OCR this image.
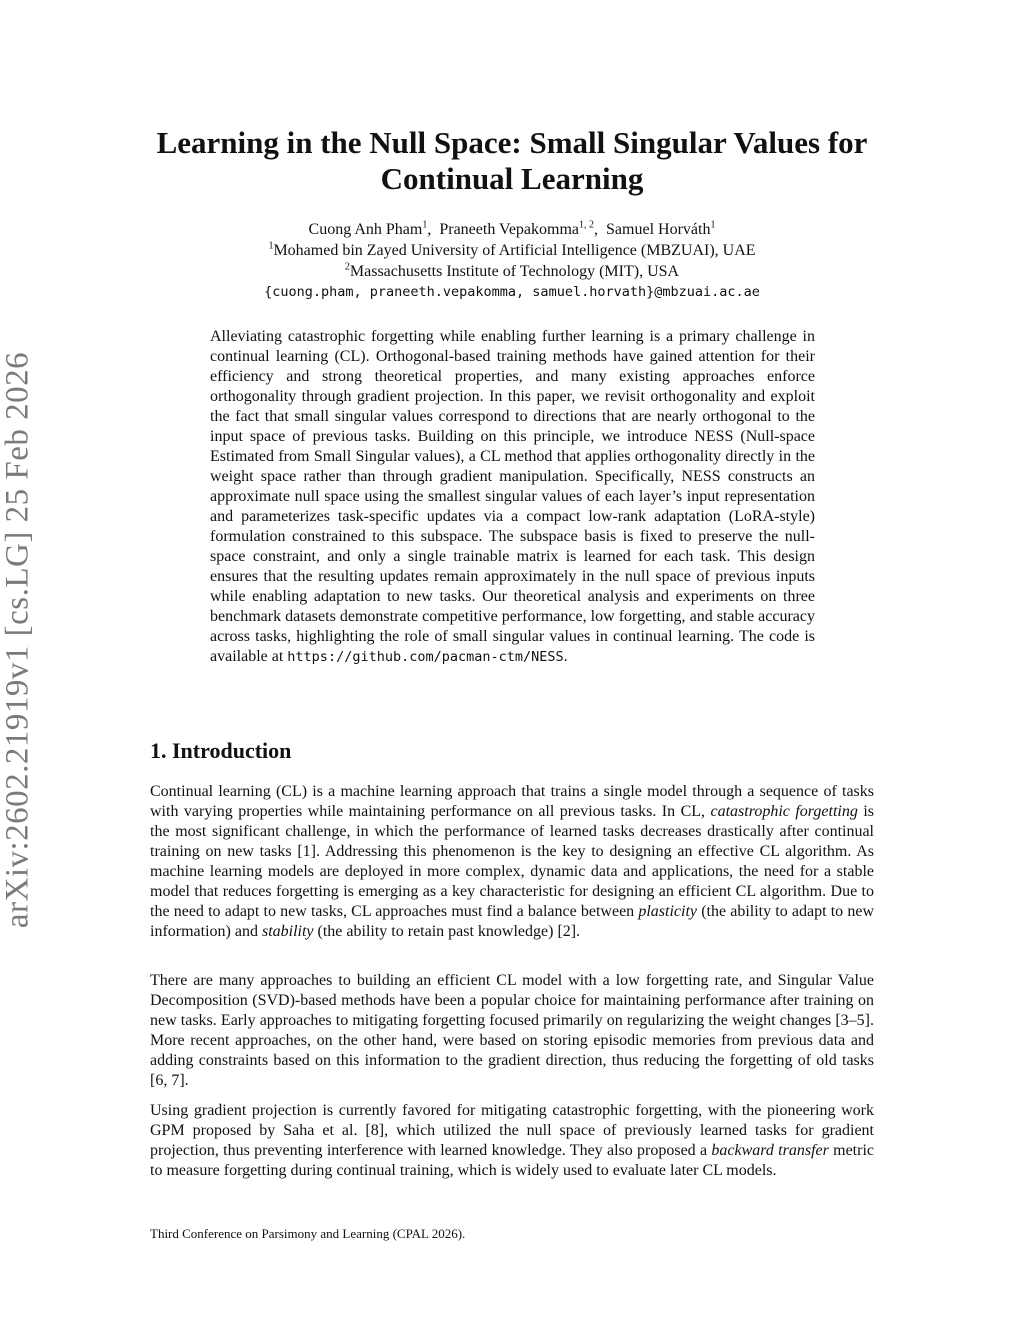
arXiv:2602.21919v1 [cs.LG] 25 Feb 2026
Learning in the Null Space: Small Singular Values for
Continual Learning
Cuong Anh Pham$^1$,  Praneeth Vepakomma$^{1, 2}$,  Samuel Horváth$^1$
$^1$Mohamed bin Zayed University of Artificial Intelligence (MBZUAI), UAE
$^2$Massachusetts Institute of Technology (MIT), USA
{cuong.pham, praneeth.vepakomma, samuel.horvath}@mbzuai.ac.ae

Alleviating catastrophic forgetting while enabling further learning is a primary challenge in continual learning (CL). Orthogonal-based training methods have gained attention for their efficiency and strong theoretical properties, and many existing approaches enforce orthogonality through gradient projection. In this paper, we revisit orthogonality and exploit the fact that small singular values correspond to directions that are nearly orthogonal to the input space of previous tasks. Building on this principle, we introduce NESS (Null-space Estimated from Small Singular values), a CL method that applies orthogonality directly in the weight space rather than through gradient manipulation. Specifically, NESS constructs an approximate null space using the smallest singular values of each layer’s input representation and parameterizes task-specific updates via a compact low-rank adaptation (LoRA-style) formulation constrained to this subspace. The subspace basis is fixed to preserve the null-space constraint, and only a single trainable matrix is learned for each task. This design ensures that the resulting updates remain approximately in the null space of previous inputs while enabling adaptation to new tasks. Our theoretical analysis and experiments on three benchmark datasets demonstrate competitive performance, low forgetting, and stable accuracy across tasks, highlighting the role of small singular values in continual learning. The code is available at https://github.com/pacman-ctm/NESS.

1. Introduction

Continual learning (CL) is a machine learning approach that trains a single model through a sequence of tasks with varying properties while maintaining performance on all previous tasks. In CL, catastrophic forgetting is the most significant challenge, in which the performance of learned tasks decreases drastically after continual training on new tasks [1]. Addressing this phenomenon is the key to designing an effective CL algorithm. As machine learning models are deployed in more complex, dynamic data and applications, the need for a stable model that reduces forgetting is emerging as a key characteristic for designing an efficient CL algorithm. Due to the need to adapt to new tasks, CL approaches must find a balance between plasticity (the ability to adapt to new information) and stability (the ability to retain past knowledge) [2].

There are many approaches to building an efficient CL model with a low forgetting rate, and Singular Value Decomposition (SVD)-based methods have been a popular choice for maintaining performance after training on new tasks. Early approaches to mitigating forgetting focused primarily on regularizing the weight changes [3–5]. More recent approaches, on the other hand, were based on storing episodic memories from previous data and adding constraints based on this information to the gradient direction, thus reducing the forgetting of old tasks [6, 7].

Using gradient projection is currently favored for mitigating catastrophic forgetting, with the pioneering work GPM proposed by Saha et al. [8], which utilized the null space of previously learned tasks for gradient projection, thus preventing interference with learned knowledge. They also proposed a backward transfer metric to measure forgetting during continual training, which is widely used to evaluate later CL models.

Third Conference on Parsimony and Learning (CPAL 2026).
